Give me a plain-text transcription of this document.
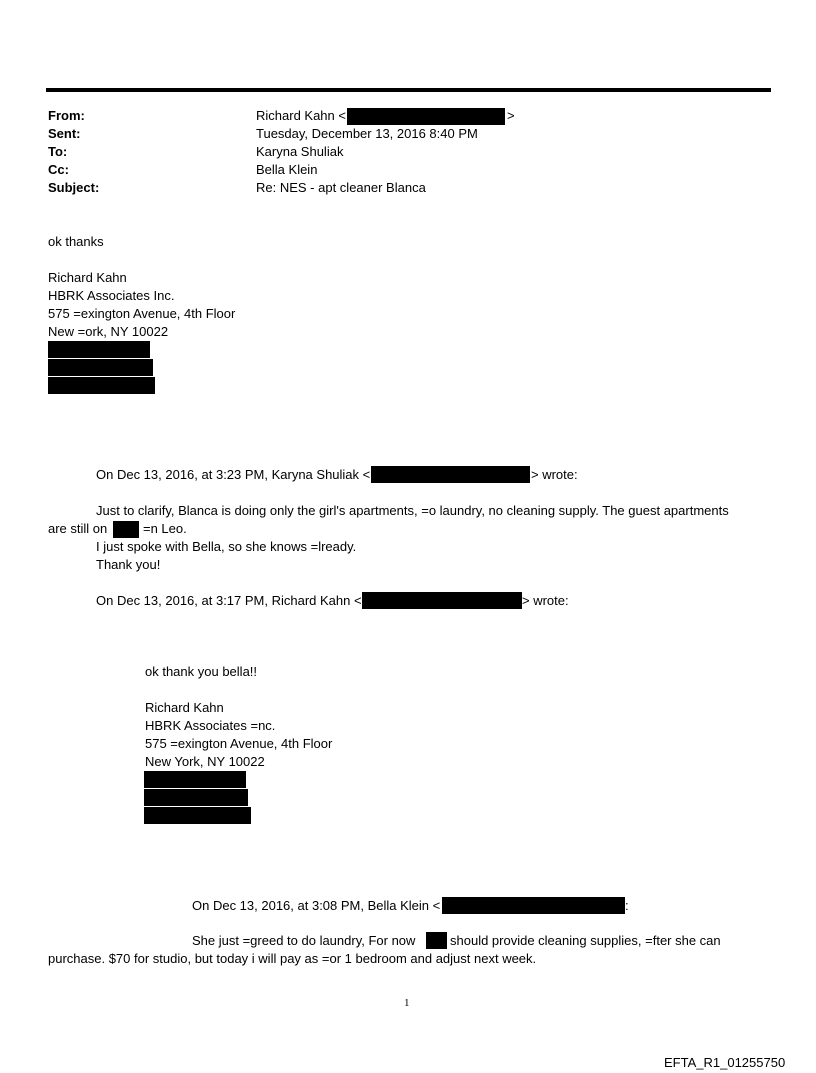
From:	Richard Kahn <	>
Sent:	Tuesday, December 13, 2016 8:40 PM
To:	Karyna Shuliak
Cc:	Bella Klein
Subject:	Re: NES - apt cleaner Blanca
ok thanks
Richard Kahn
HBRK Associates Inc.
575 =exington Avenue, 4th Floor
New =ork, NY 10022
On Dec 13, 2016, at 3:23 PM, Karyna Shuliak <	> wrote:
Just to clarify, Blanca is doing only the girl's apartments, =o laundry, no cleaning supply. The guest apartments
are still on	=n Leo.
I just spoke with Bella, so she knows =lready.
Thank you!
On Dec 13, 2016, at 3:17 PM, Richard Kahn <	> wrote:
ok thank you bella!!
Richard Kahn
HBRK Associates =nc.
575 =exington Avenue, 4th Floor
New York, NY 10022
On Dec 13, 2016, at 3:08 PM, Bella Klein <	:
She just =greed to do laundry, For now	should provide cleaning supplies, =fter she can
purchase. $70 for studio, but today i will pay as =or 1 bedroom and adjust next week.
1
EFTA_R1_01255750
